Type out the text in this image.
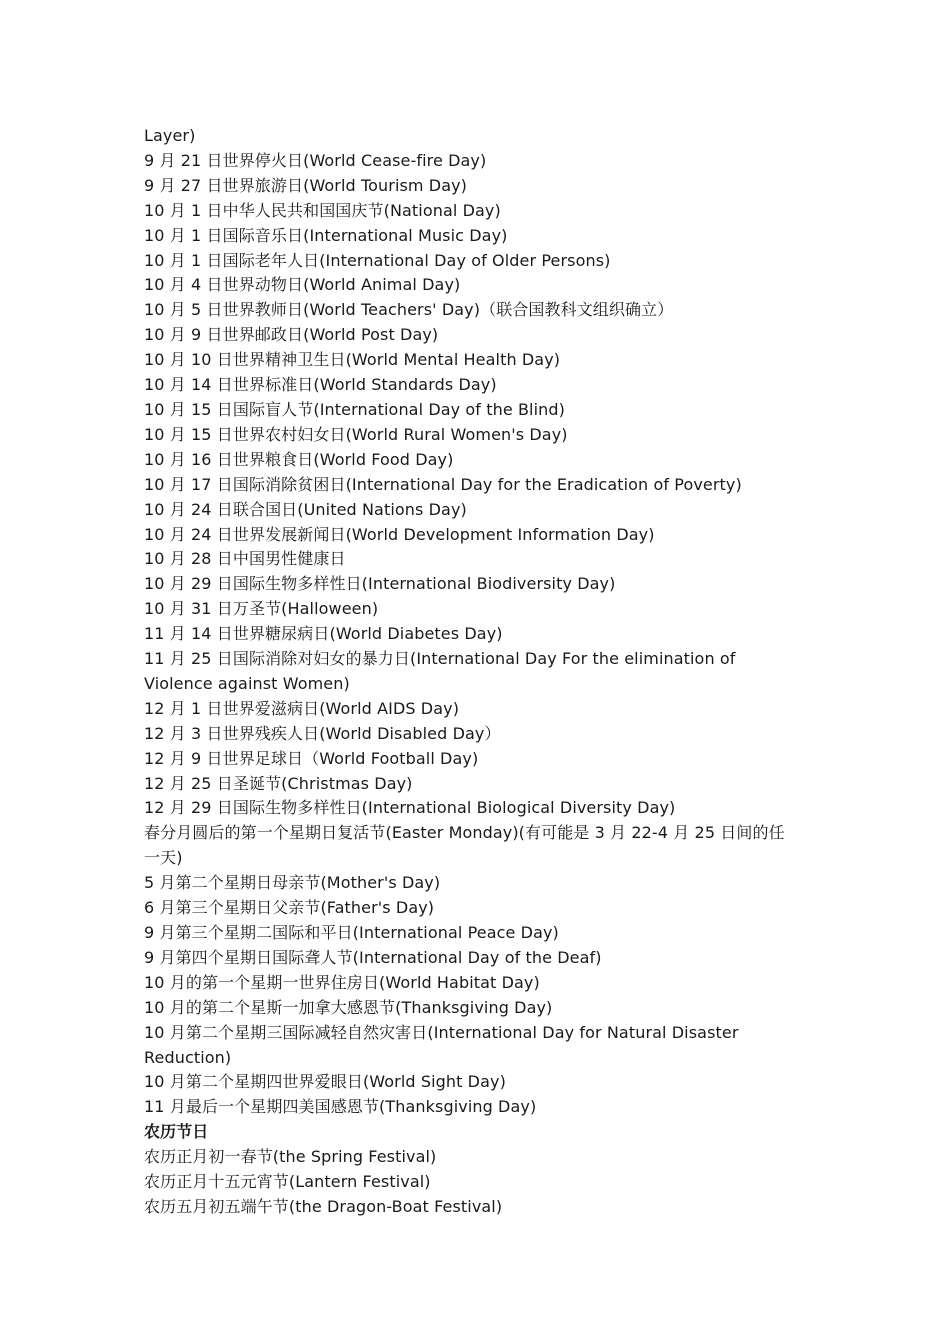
Layer)

9 月 21 日世界停火日(World Cease-fire Day)

9 月 27 日世界旅游日(World Tourism Day)

10 月 1 日中华人民共和国国庆节(National Day)

10 月 1 日国际音乐日(International Music Day)

10 月 1 日国际老年人日(International Day of Older Persons)

10 月 4 日世界动物日(World Animal Day)

10 月 5 日世界教师日(World Teachers' Day)（联合国教科文组织确立）

10 月 9 日世界邮政日(World Post Day)

10 月 10 日世界精神卫生日(World Mental Health Day)

10 月 14 日世界标准日(World Standards Day)

10 月 15 日国际盲人节(International Day of the Blind)

10 月 15 日世界农村妇女日(World Rural Women's Day)

10 月 16 日世界粮食日(World Food Day)

10 月 17 日国际消除贫困日(International Day for the Eradication of Poverty)

10 月 24 日联合国日(United Nations Day)

10 月 24 日世界发展新闻日(World Development Information Day)

10 月 28 日中国男性健康日

10 月 29 日国际生物多样性日(International Biodiversity Day)

10 月 31 日万圣节(Halloween)

11 月 14 日世界糖尿病日(World Diabetes Day)

11 月 25 日国际消除对妇女的暴力日(International Day For the elimination of

Violence against Women)

12 月 1 日世界爱滋病日(World AIDS Day)

12 月 3 日世界残疾人日(World Disabled Day）

12 月 9 日世界足球日（World Football Day)

12 月 25 日圣诞节(Christmas Day)

12 月 29 日国际生物多样性日(International Biological Diversity Day)

春分月圆后的第一个星期日复活节(Easter Monday)(有可能是 3 月 22-4 月 25 日间的任

一天)

5 月第二个星期日母亲节(Mother's Day)

6 月第三个星期日父亲节(Father's Day)

9 月第三个星期二国际和平日(International Peace Day)

9 月第四个星期日国际聋人节(International Day of the Deaf)

10 月的第一个星期一世界住房日(World Habitat Day)

10 月的第二个星斯一加拿大感恩节(Thanksgiving Day)

10 月第二个星期三国际减轻自然灾害日(International Day for Natural Disaster

Reduction)

10 月第二个星期四世界爱眼日(World Sight Day)

11 月最后一个星期四美国感恩节(Thanksgiving Day)

农历节日

农历正月初一春节(the Spring Festival)

农历正月十五元宵节(Lantern Festival)

农历五月初五端午节(the Dragon-Boat Festival)
